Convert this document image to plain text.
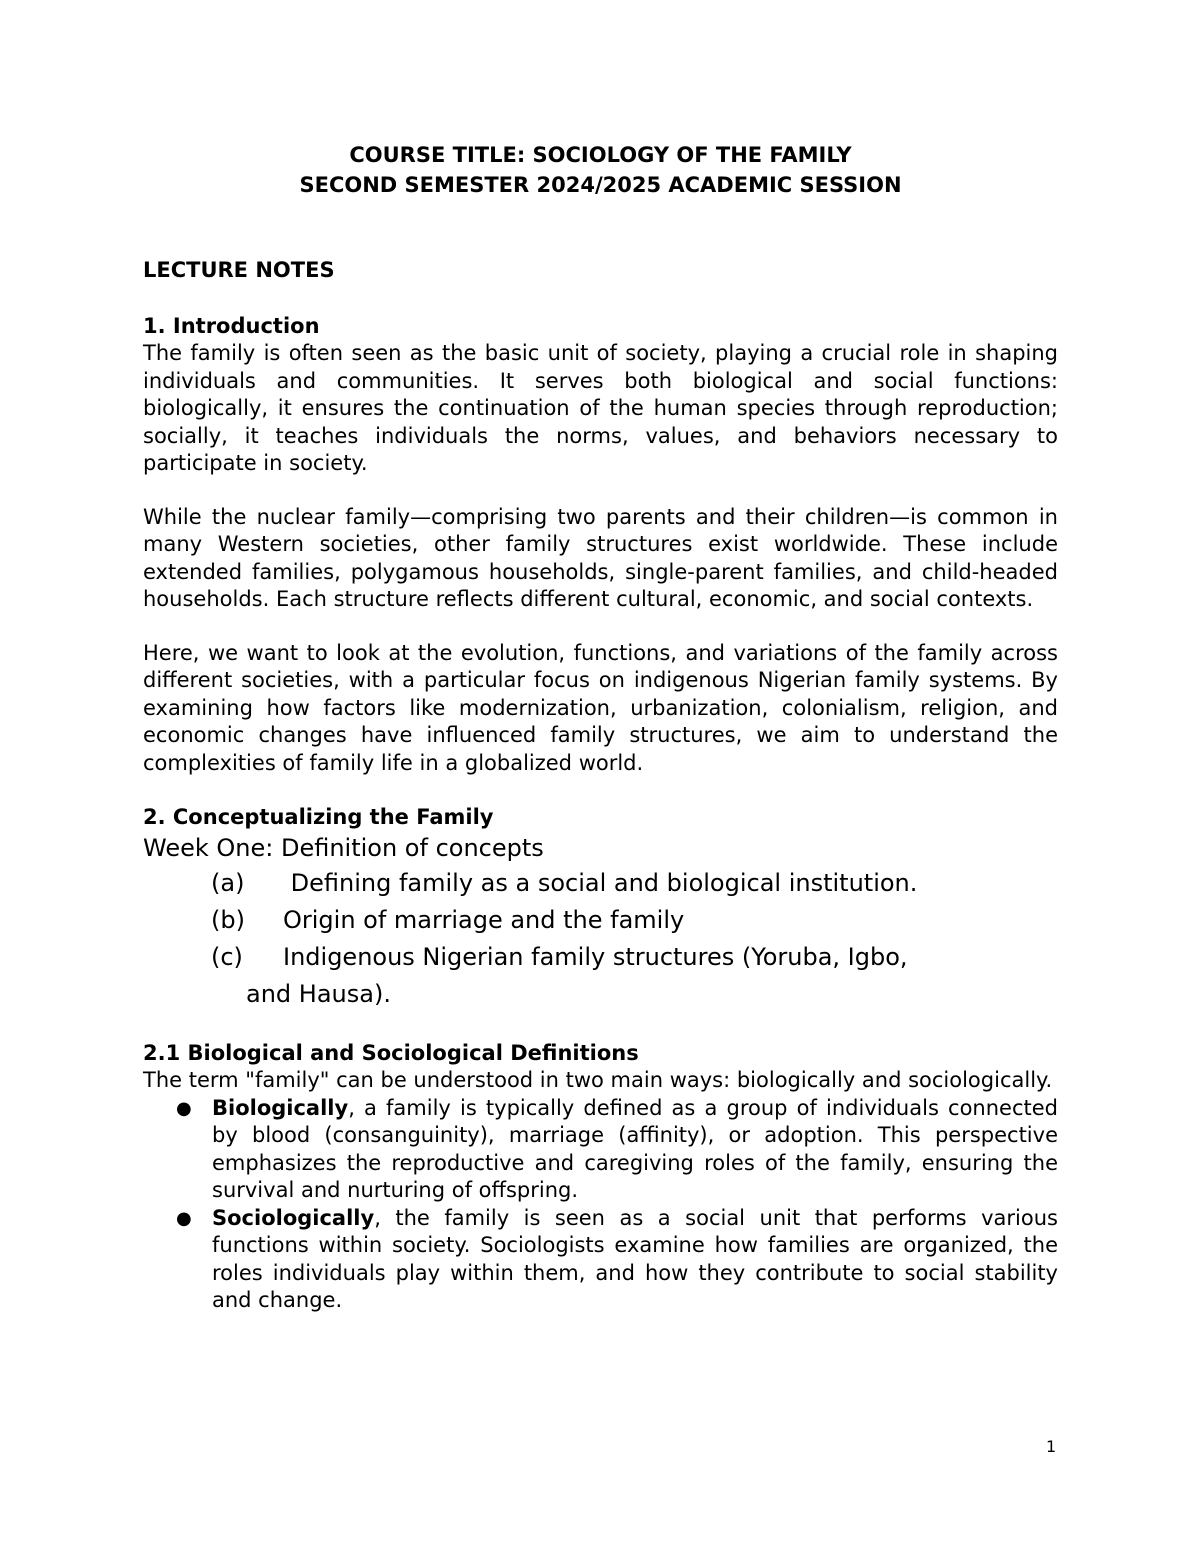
COURSE TITLE: SOCIOLOGY OF THE FAMILY
SECOND SEMESTER 2024/2025 ACADEMIC SESSION
LECTURE NOTES
1. Introduction

The family is often seen as the basic unit of society, playing a crucial role in shaping individuals and communities. It serves both biological and social functions: biologically, it ensures the continuation of the human species through reproduction; socially, it teaches individuals the norms, values, and behaviors necessary to participate in society.

While the nuclear family—comprising two parents and their children—is common in many Western societies, other family structures exist worldwide. These include extended families, polygamous households, single-parent families, and child-headed households. Each structure reflects different cultural, economic, and social contexts.

Here, we want to look at the evolution, functions, and variations of the family across different societies, with a particular focus on indigenous Nigerian family systems. By examining how factors like modernization, urbanization, colonialism, religion, and economic changes have influenced family structures, we aim to understand the complexities of family life in a globalized world.

2. Conceptualizing the Family
Week One: Definition of concepts
(a)	Defining family as a social and biological institution.
(b)	Origin of marriage and the family
(c)	Indigenous Nigerian family structures (Yoruba, Igbo,
and Hausa).
2.1 Biological and Sociological Definitions

The term "family" can be understood in two main ways: biologically and sociologically.

● Biologically, a family is typically defined as a group of individuals connected by blood (consanguinity), marriage (affinity), or adoption. This perspective emphasizes the reproductive and caregiving roles of the family, ensuring the survival and nurturing of offspring.
● Sociologically, the family is seen as a social unit that performs various functions within society. Sociologists examine how families are organized, the roles individuals play within them, and how they contribute to social stability and change.
1
